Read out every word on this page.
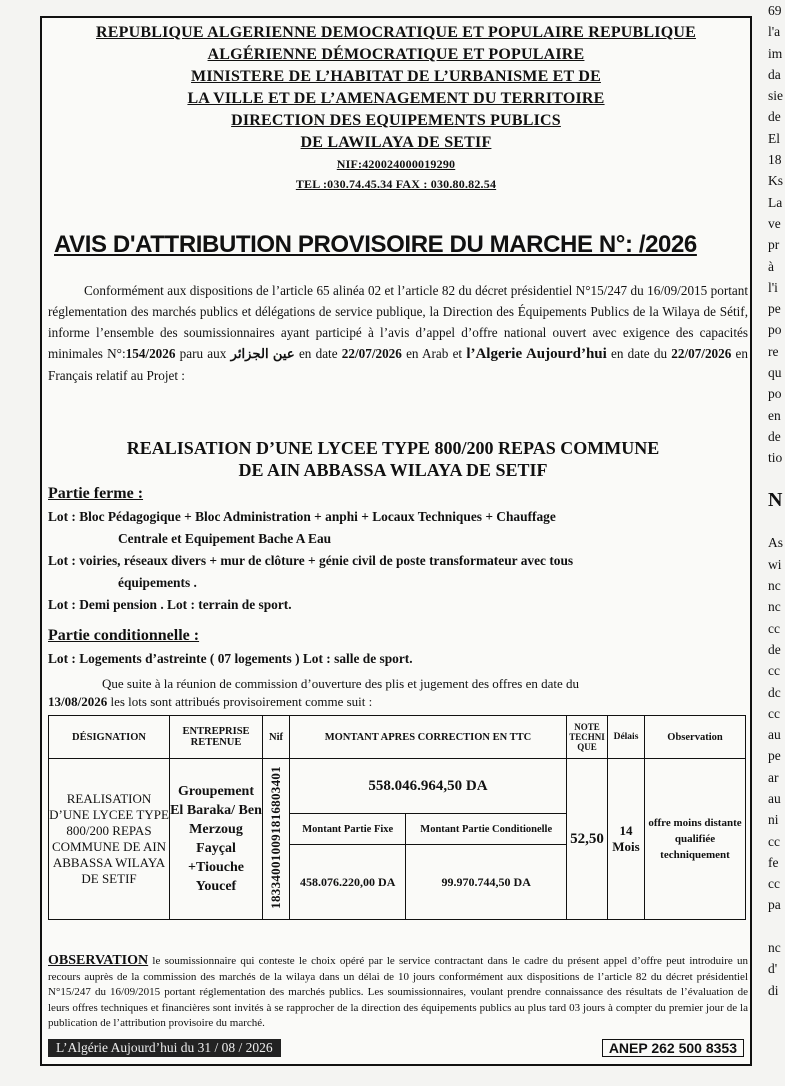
REPUBLIQUE ALGERIENNE DEMOCRATIQUE ET POPULAIRE REPUBLIQUE
ALGÉRIENNE DÉMOCRATIQUE ET POPULAIRE
MINISTERE DE L’HABITAT DE L’URBANISME ET DE
LA VILLE ET DE L’AMENAGEMENT DU TERRITOIRE
DIRECTION DES EQUIPEMENTS PUBLICS
DE LAWILAYA DE SETIF
NIF:420024000019290
TEL :030.74.45.34 FAX : 030.80.82.54
AVIS D'ATTRIBUTION PROVISOIRE DU MARCHE N°: /2026

Conformément aux dispositions de l’article 65 alinéa 02 et l’article 82 du décret présidentiel N°15/247 du 16/09/2015 portant réglementation des marchés publics et délégations de service publique, la Direction des Équipements Publics de la Wilaya de Sétif, informe l’ensemble des soumissionnaires ayant participé à l’avis d’appel d’offre national ouvert avec exigence des capacités minimales N°:154/2026 paru aux عين الجزائر en date 22/07/2026 en Arab et l’Algerie Aujourd’hui en date du 22/07/2026 en Français relatif au Projet :

REALISATION D’UNE LYCEE TYPE 800/200 REPAS COMMUNE
DE AIN ABBASSA WILAYA DE SETIF
Partie ferme :
Lot : Bloc Pédagogique + Bloc Administration + anphi + Locaux Techniques + Chauffage
Centrale et Equipement Bache A Eau
Lot : voiries, réseaux divers + mur de clôture + génie civil de poste transformateur avec tous
équipements .
Lot : Demi pension . Lot : terrain de sport.
Partie conditionnelle :
Lot : Logements d’astreinte ( 07 logements ) Lot : salle de sport.
Que suite à la réunion de commission d’ouverture des plis et jugement des offres en date du
13/08/2026 les lots sont attribués provisoirement comme suit :
DÉSIGNATION	ENTREPRISE RETENUE	Nif	MONTANT APRES CORRECTION EN TTC		NOTE TECHNI QUE	Délais	Observation
REALISATION D’UNE LYCEE TYPE 800/200 REPAS COMMUNE DE AIN ABBASSA WILAYA DE SETIF	Groupement El Baraka/ Ben Merzoug Fayçal +Tiouche Youcef	183340010091816803401	558.046.964,50 DA		52,50	14 Mois	offre moins distante qualifiée techniquement
			Montant Partie Fixe	Montant Partie Conditionelle			
			458.076.220,00 DA	99.970.744,50 DA			
OBSERVATION le soumissionnaire qui conteste le choix opéré par le service contractant dans le cadre du présent appel d’offre peut introduire un recours auprès de la commission des marchés de la wilaya dans un délai de 10 jours conformément aux dispositions de l’article 82 du décret présidentiel N°15/247 du 16/09/2015 portant réglementation des marchés publics. Les soumissionnaires, voulant prendre connaissance des résultats de l’évaluation de leurs offres techniques et financières sont invités à se rapprocher de la direction des équipements publics au plus tard 03 jours à compter du premier jour de la publication de l’attribution provisoire du marché.
L’Algérie Aujourd’hui du 31 / 08 / 2026	ANEP 262 500 8353
69
l'a
im
da
sie
de
El
18
Ks
La
ve
pr
à
l'i
pe
po
re
qu
po
en
de
tio

N

As
wi
nc
nc
cc
de
cc
dc
cc
au
pe
ar
au
ni
cc
fe
cc
pa

nc
d'
di
